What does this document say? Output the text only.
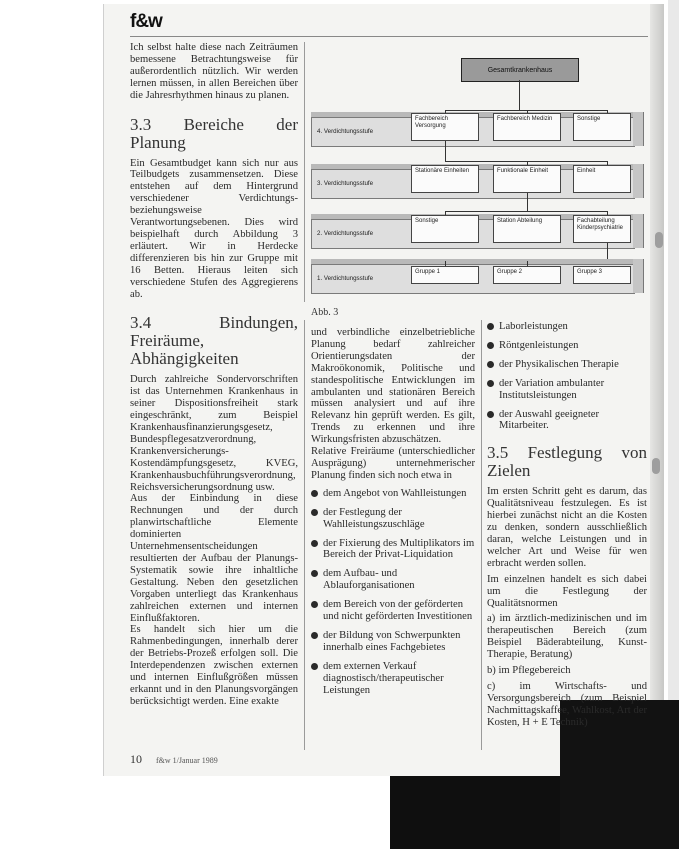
f&w

Ich selbst halte diese nach Zeiträumen bemessene Betrachtungsweise für außerordentlich nützlich. Wir werden lernen müssen, in allen Bereichen über die Jahresrhythmen hinaus zu planen.

3.3 Bereiche der Planung

Ein Gesamtbudget kann sich nur aus Teilbudgets zusammensetzen. Diese entstehen auf dem Hintergrund verschiedener Verdichtungs- beziehungsweise Verantwortungsebenen. Dies wird beispielhaft durch Abbildung 3 erläutert. Wir in Herdecke differenzieren bis hin zur Gruppe mit 16 Betten. Hieraus leiten sich verschiedene Stufen des Aggregierens ab.

3.4 Bindungen, Freiräume, Abhängigkeiten

Durch zahlreiche Sondervorschriften ist das Unternehmen Krankenhaus in seiner Dispositionsfreiheit stark eingeschränkt, zum Beispiel Krankenhausfinanzierungsgesetz, Bundespflegesatzverordnung, Krankenversicherungs-Kostendämpfungsgesetz, KVEG, Krankenhausbuchführungsverordnung, Reichsversicherungsordnung usw.

Aus der Einbindung in diese Rechnungen und der durch planwirtschaftliche Elemente dominierten Unternehmensentscheidungen resultierten der Aufbau der Planungs-Systematik sowie ihre inhaltliche Gestaltung. Neben den gesetzlichen Vorgaben unterliegt das Krankenhaus zahlreichen externen und internen Einflußfaktoren.

Es handelt sich hier um die Rahmenbedingungen, innerhalb derer der Betriebs-Prozeß erfolgen soll. Die Interdependenzen zwischen externen und internen Einflußgrößen müssen erkannt und in den Planungsvorgängen berücksichtigt werden. Eine exakte

Gesamtkrankenhaus
4. Verdichtungsstufe
Fachbereich Versorgung
Fachbereich Medizin	Sonstige
3. Verdichtungsstufe
Stationäre Einheiten	Funktionale Einheit	Einheit
2. Verdichtungsstufe
Sonstige	Station Abteilung	Fachabteilung Kinderpsychiatrie
1. Verdichtungsstufe
Gruppe 1	Gruppe 2	Gruppe 3
Abb. 3

und verbindliche einzelbetriebliche Planung bedarf zahlreicher Orientierungsdaten der Makroökonomik, Politische und standespolitische Entwicklungen im ambulanten und stationären Bereich müssen analysiert und auf ihre Relevanz hin geprüft werden. Es gilt, Trends zu erkennen und ihre Wirkungsfristen abzuschätzen.

Relative Freiräume (unterschiedlicher Ausprägung) unternehmerischer Planung finden sich noch etwa in

dem Angebot von Wahlleistungen
der Festlegung der Wahlleistungszuschläge
der Fixierung des Multiplikators im Bereich der Privat-Liquidation
dem Aufbau- und Ablauforganisationen
dem Bereich von der geförderten und nicht geförderten Investitionen
der Bildung von Schwerpunkten innerhalb eines Fachgebietes
dem externen Verkauf diagnostisch/therapeutischer Leistungen
Laborleistungen
Röntgenleistungen
der Physikalischen Therapie
der Variation ambulanter Institutsleistungen
der Auswahl geeigneter Mitarbeiter.
3.5 Festlegung von Zielen

Im ersten Schritt geht es darum, das Qualitätsniveau festzulegen. Es ist hierbei zunächst nicht an die Kosten zu denken, sondern ausschließlich daran, welche Leistungen und in welcher Art und Weise für wen erbracht werden sollen.

Im einzelnen handelt es sich dabei um die Festlegung der Qualitätsnormen

a) im ärztlich-medizinischen und im therapeutischen Bereich (zum Beispiel Bäderabteilung, Kunst-Therapie, Beratung)

b) im Pflegebereich

c) im Wirtschafts- und Versorgungsbereich (zum Beispiel Nachmittagskaffee, Wahlkost, Art der Kosten, H + E Technik)

10 f&w 1/Januar 1989
